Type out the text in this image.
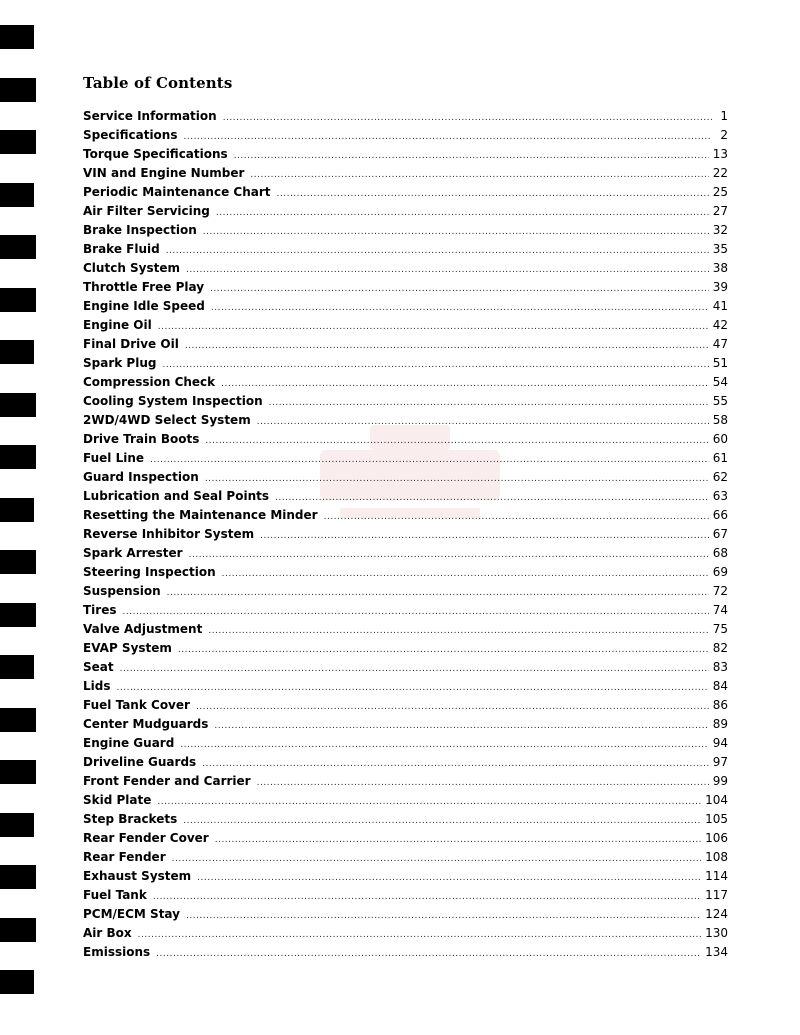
Table of Contents
Service Information .....	1
Specifications .....	2
Torque Specifications .....	13
VIN and Engine Number .....	22
Periodic Maintenance Chart .....	25
Air Filter Servicing .....	27
Brake Inspection .....	32
Brake Fluid .....	35
Clutch System .....	38
Throttle Free Play .....	39
Engine Idle Speed .....	41
Engine Oil .....	42
Final Drive Oil .....	47
Spark Plug .....	51
Compression Check .....	54
Cooling System Inspection .....	55
2WD/4WD Select System .....	58
Drive Train Boots .....	60
Fuel Line .....	61
Guard Inspection .....	62
Lubrication and Seal Points .....	63
Resetting the Maintenance Minder .....	66
Reverse Inhibitor System .....	67
Spark Arrester .....	68
Steering Inspection .....	69
Suspension .....	72
Tires .....	74
Valve Adjustment .....	75
EVAP System .....	82
Seat .....	83
Lids .....	84
Fuel Tank Cover .....	86
Center Mudguards .....	89
Engine Guard .....	94
Driveline Guards .....	97
Front Fender and Carrier .....	99
Skid Plate .....	104
Step Brackets .....	105
Rear Fender Cover .....	106
Rear Fender .....	108
Exhaust System .....	114
Fuel Tank .....	117
PCM/ECM Stay .....	124
Air Box .....	130
Emissions .....	134
